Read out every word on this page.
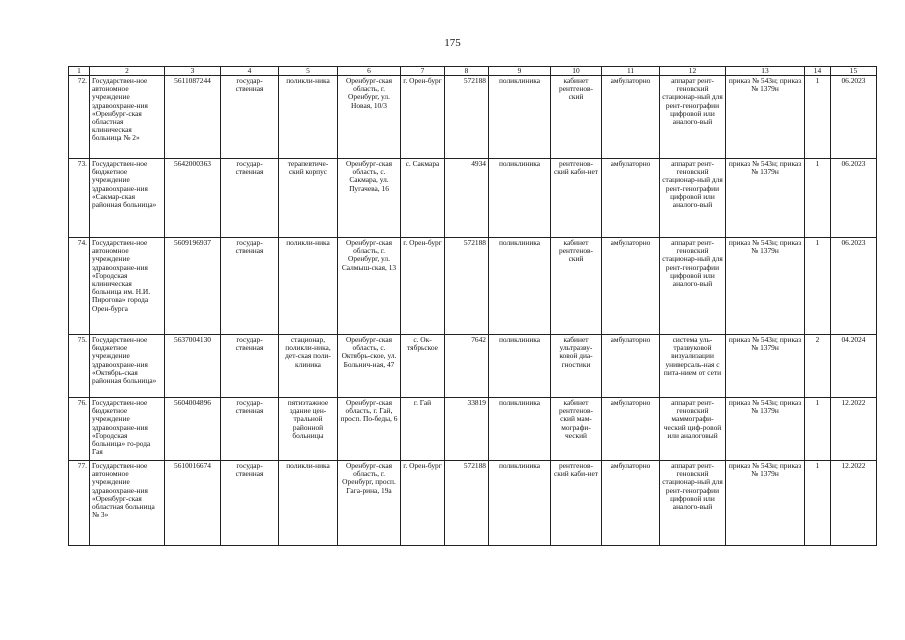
175
1	2	3	4	5	6	7	8	9	10	11	12	13	14	15
72.	Государствен-ное автономное учреждение здравоохране-ния «Оренбург-ская областная клиническая больница № 2»	5611087244	государ-ственная	поликли-ника	Оренбург-ская область, г. Оренбург, ул. Новая, 10/3	г. Орен-бург	572188	поликлиника	кабинет рентгенов-ский	амбулаторно	аппарат рент-геновский стационар-ный для рент-генографии цифровой или аналого-вый	приказ № 543н; приказ № 1379н	1	06.2023
73.	Государствен-ное бюджетное учреждение здравоохране-ния «Сакмар-ская районная больница»	5642000363	государ-ственная	терапевтиче-ский корпус	Оренбург-ская область, с. Сакмара, ул. Пугачева, 16	с. Сакмара	4934	поликлиника	рентгенов-ский каби-нет	амбулаторно	аппарат рент-геновский стационар-ный для рент-генографии цифровой или аналого-вый	приказ № 543н; приказ № 1379н	1	06.2023
74.	Государствен-ное автономное учреждение здравоохране-ния «Городская клиническая больница им. Н.И. Пирогова» города Орен-бурга	5609196937	государ-ственная	поликли-ника	Оренбург-ская область, г. Оренбург, ул. Салмыш-ская, 13	г. Орен-бург	572188	поликлиника	кабинет рентгенов-ский	амбулаторно	аппарат рент-геновский стационар-ный для рент-генографии цифровой или аналого-вый	приказ № 543н; приказ № 1379н	1	06.2023
75.	Государствен-ное бюджетное учреждение здравоохране-ния «Октябрь-ская районная больница»	5637004130	государ-ственная	стационар, поликли-ника, дет-ская поли-клиника	Оренбург-ская область, с. Октябрь-ское, ул. Больнич-ная, 47	с. Ок-тябрьское	7642	поликлиника	кабинет ультразву-ковой диа-гностики	амбулаторно	система уль-тразвуковой визуализации универсаль-ная с пита-нием от сети	приказ № 543н; приказ № 1379н	2	04.2024
76.	Государствен-ное бюджетное учреждение здравоохране-ния «Городская больница» го-рода Гая	5604004896	государ-ственная	пятиэтажное здание цен-тральной районной больницы	Оренбург-ская область, г. Гай, просп. По-беды, 6	г. Гай	33819	поликлиника	кабинет рентгенов-ский мам-мографи-ческий	амбулаторно	аппарат рент-геновский маммографи-ческий циф-ровой или аналоговый	приказ № 543н; приказ № 1379н	1	12.2022
77.	Государствен-ное автономное учреждение здравоохране-ния «Оренбург-ская областная больница № 3»	5610016674	государ-ственная	поликли-ника	Оренбург-ская область, г. Оренбург, просп. Гага-рина, 19а	г. Орен-бург	572188	поликлиника	рентгенов-ский каби-нет	амбулаторно	аппарат рент-геновский стационар-ный для рент-генографии цифровой или аналого-вый	приказ № 543н; приказ № 1379н	1	12.2022
